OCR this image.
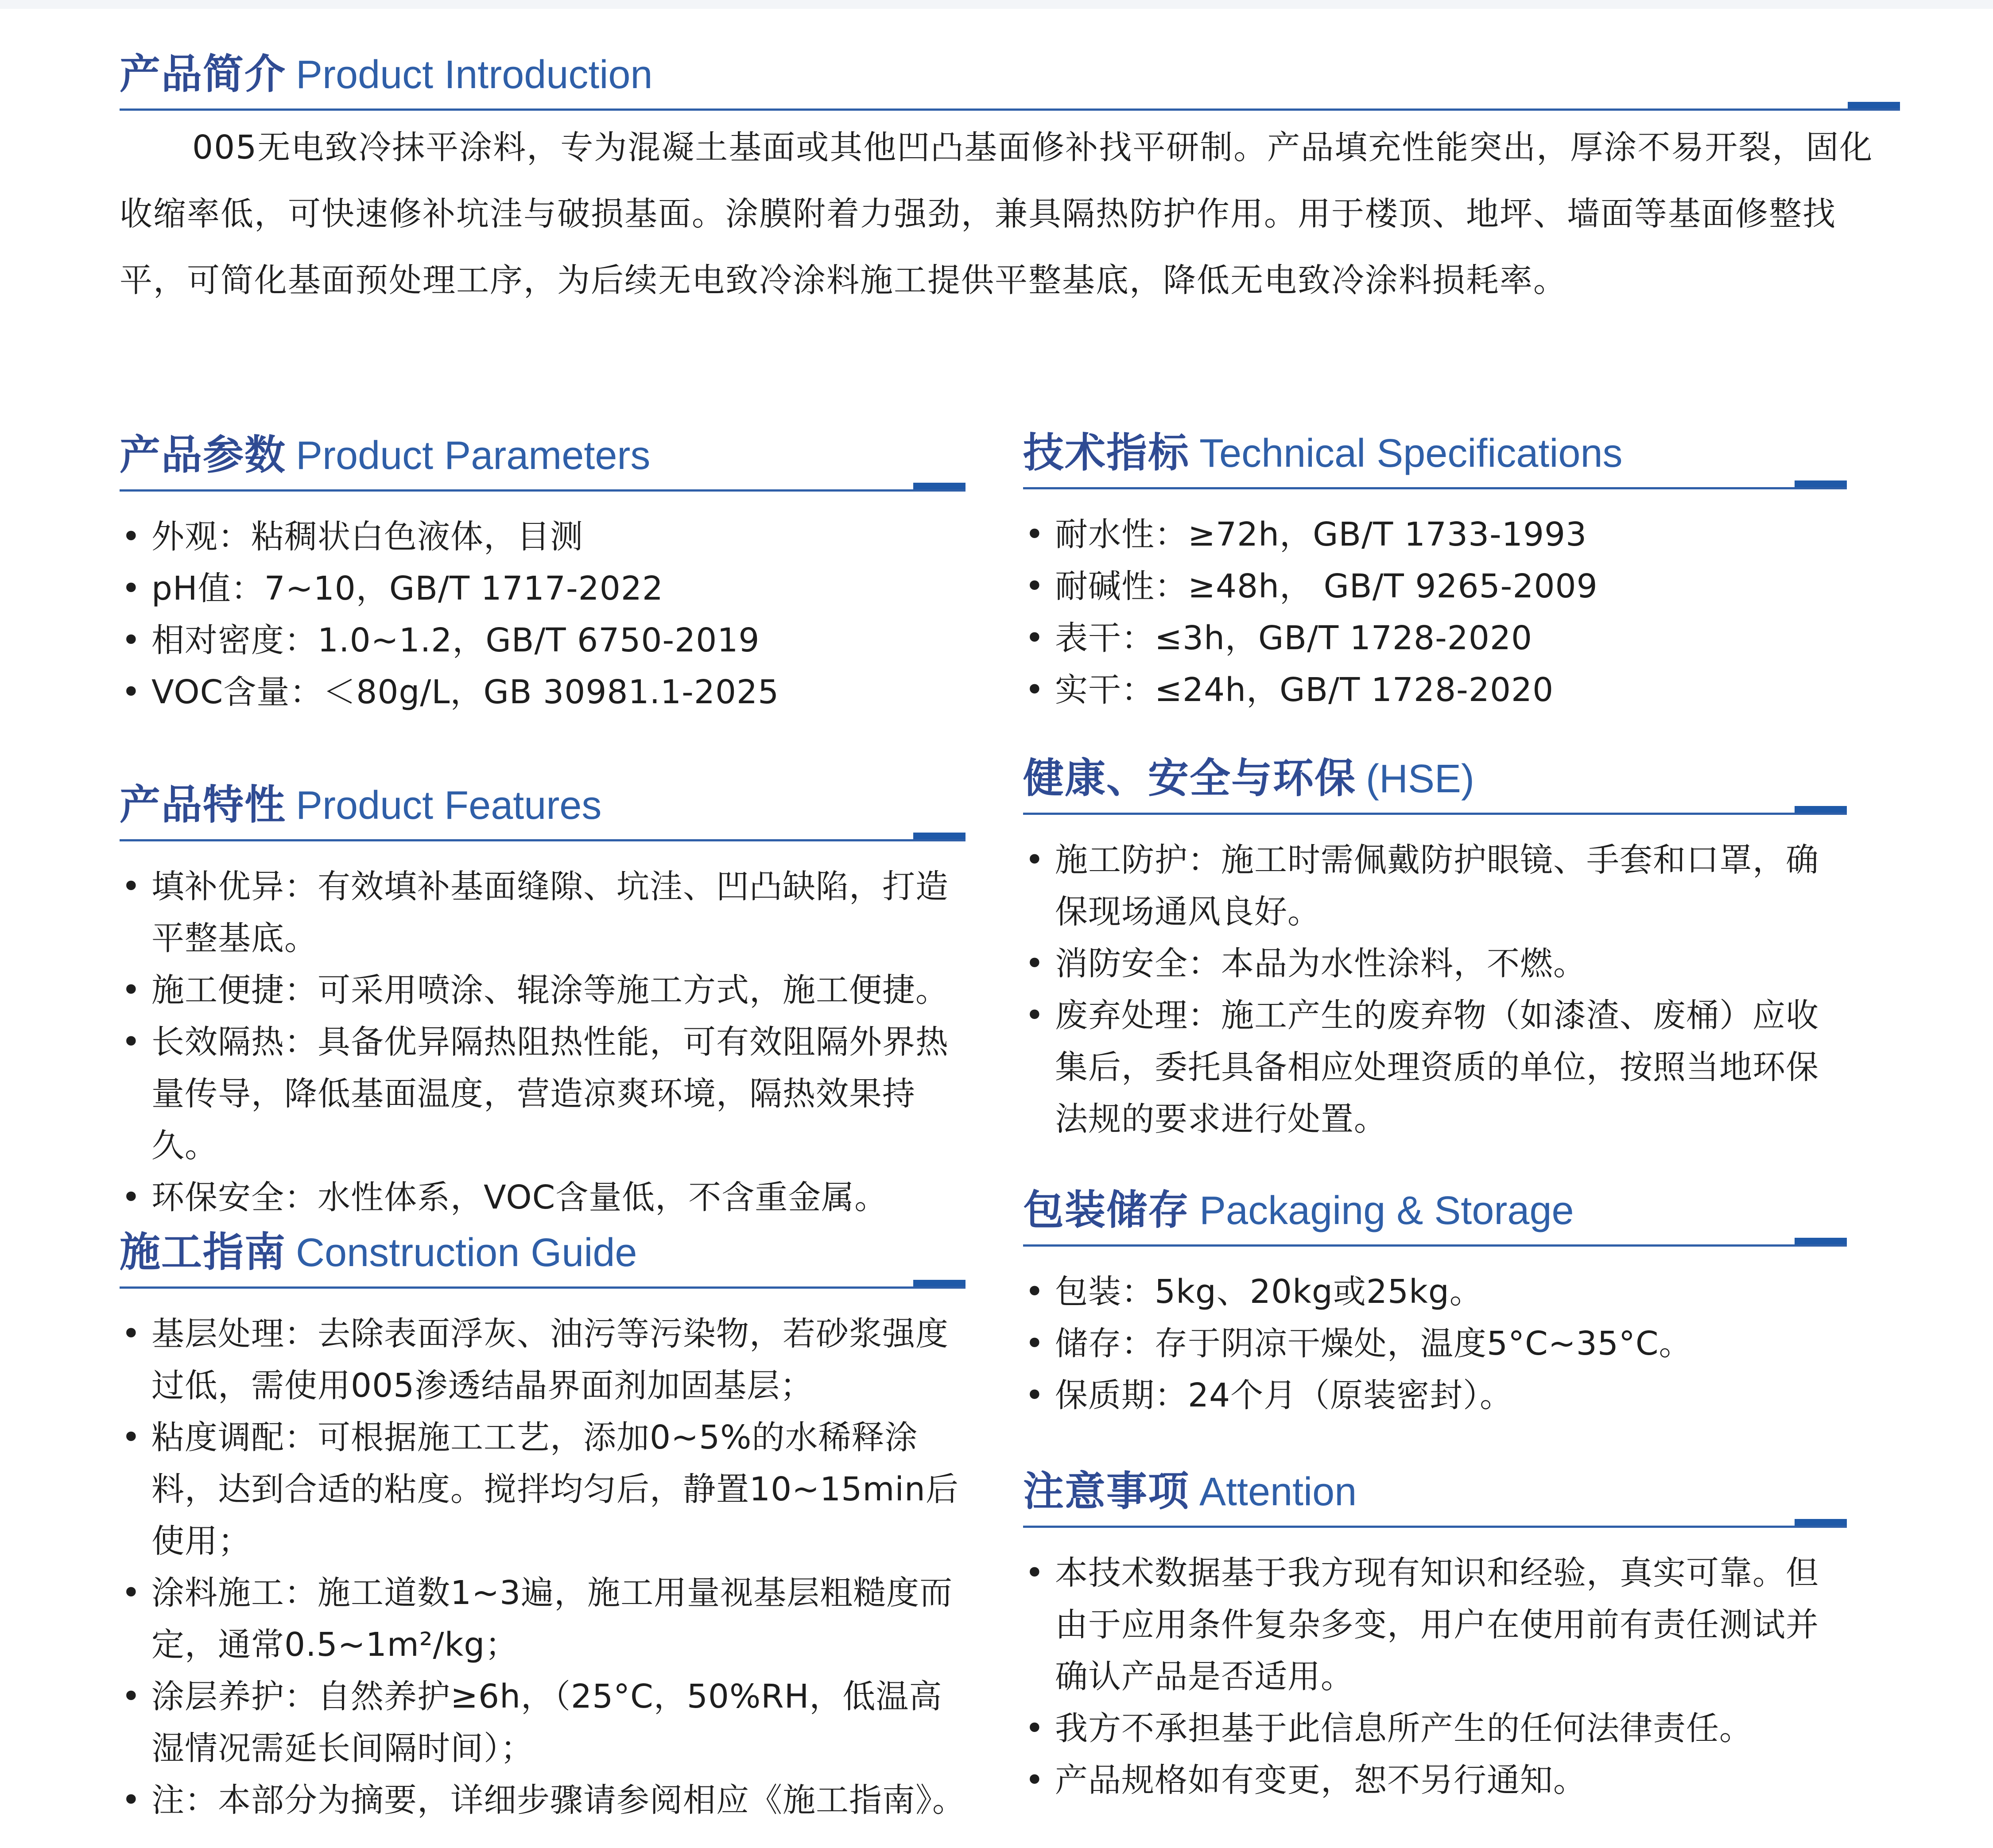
产品简介 Product Introduction
005无电致冷抹平涂料，专为混凝土基面或其他凹凸基面修补找平研制。产品填充性能突出，厚涂不易开裂，固化收缩率低，可快速修补坑洼与破损基面。涂膜附着力强劲，兼具隔热防护作用。用于楼顶、地坪、墙面等基面修整找平，可简化基面预处理工序，为后续无电致冷涂料施工提供平整基底，降低无电致冷涂料损耗率。
产品参数 Product Parameters
• 外观：粘稠状白色液体，目测
• pH值：7~10，GB/T 1717-2022
• 相对密度：1.0~1.2，GB/T 6750-2019
• VOC含量：＜80g/L，GB 30981.1-2025
产品特性 Product Features
• 填补优异：有效填补基面缝隙、坑洼、凹凸缺陷，打造平整基底。
• 施工便捷：可采用喷涂、辊涂等施工方式，施工便捷。
• 长效隔热：具备优异隔热阻热性能，可有效阻隔外界热量传导，降低基面温度，营造凉爽环境，隔热效果持久。
• 环保安全：水性体系，VOC含量低，不含重金属。
施工指南 Construction Guide
• 基层处理：去除表面浮灰、油污等污染物，若砂浆强度过低，需使用005渗透结晶界面剂加固基层；
• 粘度调配：可根据施工工艺，添加0~5%的水稀释涂料，达到合适的粘度。搅拌均匀后，静置10~15min后使用；
• 涂料施工：施工道数1~3遍，施工用量视基层粗糙度而定，通常0.5~1m²/kg；
• 涂层养护：自然养护≥6h，（25°C，50%RH，低温高湿情况需延长间隔时间）；
• 注：本部分为摘要，详细步骤请参阅相应《施工指南》。
技术指标 Technical Specifications
• 耐水性：≥72h，GB/T 1733-1993
• 耐碱性：≥48h， GB/T 9265-2009
• 表干：≤3h，GB/T 1728-2020
• 实干：≤24h，GB/T 1728-2020
健康、安全与环保 (HSE)
• 施工防护：施工时需佩戴防护眼镜、手套和口罩，确保现场通风良好。
• 消防安全：本品为水性涂料，不燃。
• 废弃处理：施工产生的废弃物（如漆渣、废桶）应收集后，委托具备相应处理资质的单位，按照当地环保法规的要求进行处置。
包装储存 Packaging & Storage
• 包装：5kg、20kg或25kg。
• 储存：存于阴凉干燥处，温度5°C~35°C。
• 保质期：24个月（原装密封）。
注意事项 Attention
• 本技术数据基于我方现有知识和经验，真实可靠。但由于应用条件复杂多变，用户在使用前有责任测试并确认产品是否适用。
• 我方不承担基于此信息所产生的任何法律责任。
• 产品规格如有变更，恕不另行通知。
